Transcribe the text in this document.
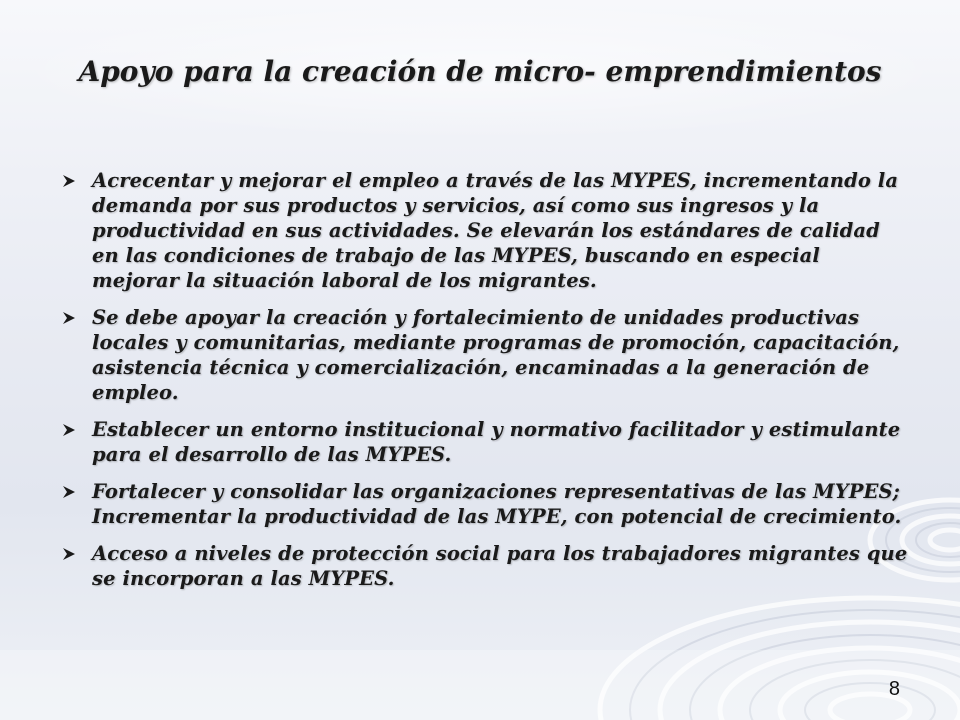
Apoyo para la creación de micro- emprendimientos
Acrecentar y mejorar el empleo a través de las MYPES, incrementando la demanda por sus productos y servicios, así como sus ingresos y la productividad en sus actividades. Se elevarán los estándares de calidad en las condiciones de trabajo de las MYPES, buscando en especial mejorar la situación laboral de los migrantes.
Se debe apoyar la creación y fortalecimiento de unidades productivas locales y comunitarias, mediante programas de promoción, capacitación, asistencia técnica y comercialización, encaminadas a la generación de empleo.
Establecer un entorno institucional y normativo facilitador y estimulante para el desarrollo de las MYPES.
Fortalecer y consolidar las organizaciones representativas de las MYPES; Incrementar la productividad de las MYPE, con potencial de crecimiento.
Acceso a niveles de protección social para los trabajadores migrantes que se incorporan a las MYPES.
8
